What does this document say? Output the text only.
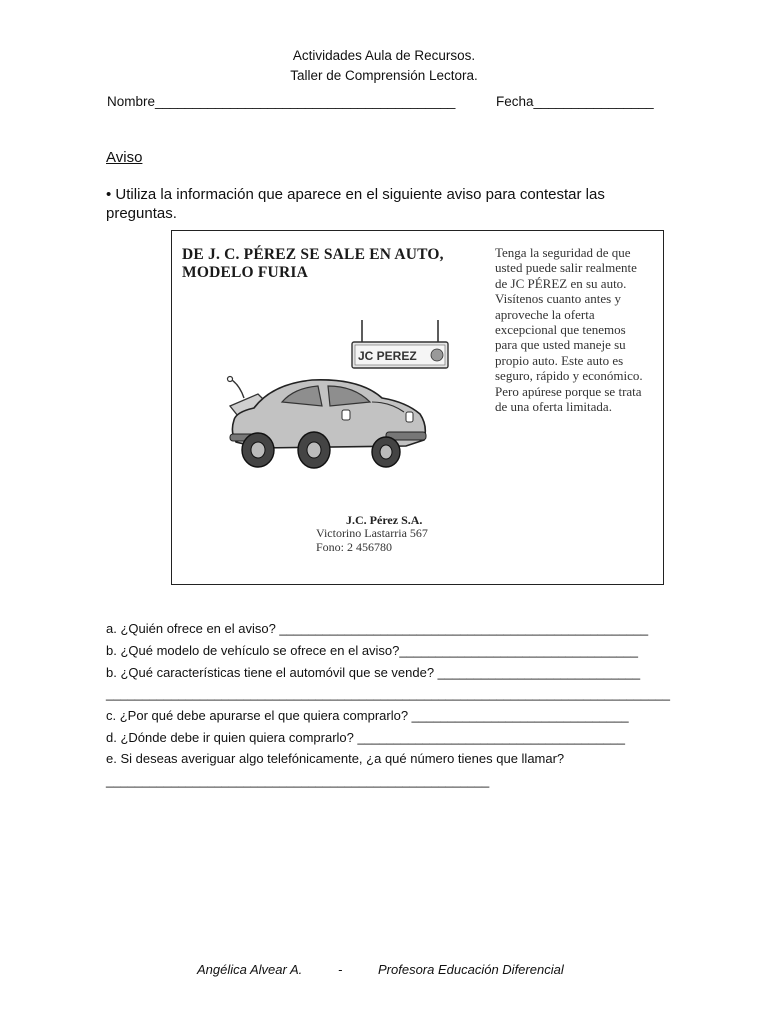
Actividades Aula de Recursos.
Taller de Comprensión Lectora.
Nombre________________________________________	Fecha________________
Aviso
• Utiliza la información que aparece en el siguiente aviso para contestar las preguntas.
DE J. C. PÉREZ SE SALE EN AUTO,
MODELO FURIA
Tenga la seguridad de que usted puede salir realmente de JC PÉREZ en su auto. Visítenos cuanto antes y aproveche la oferta excepcional que tenemos para que usted maneje su propio auto. Este auto es seguro, rápido y económico. Pero apúrese porque se trata de una oferta limitada.
JC PEREZ
J.C. Pérez S.A.
Victorino Lastarria 567
Fono: 2 456780
a. ¿Quién ofrece en el aviso? ___________________________________________________
b. ¿Qué modelo de vehículo se ofrece en el aviso?_________________________________
b. ¿Qué características tiene el automóvil que se vende? ____________________________
______________________________________________________________________________
c. ¿Por qué debe apurarse el que quiera comprarlo? ______________________________
d. ¿Dónde debe ir quien quiera comprarlo? _____________________________________
e. Si deseas averiguar algo telefónicamente, ¿a qué número tienes que llamar?
_____________________________________________________
Angélica Alvear A.	-	Profesora Educación Diferencial
